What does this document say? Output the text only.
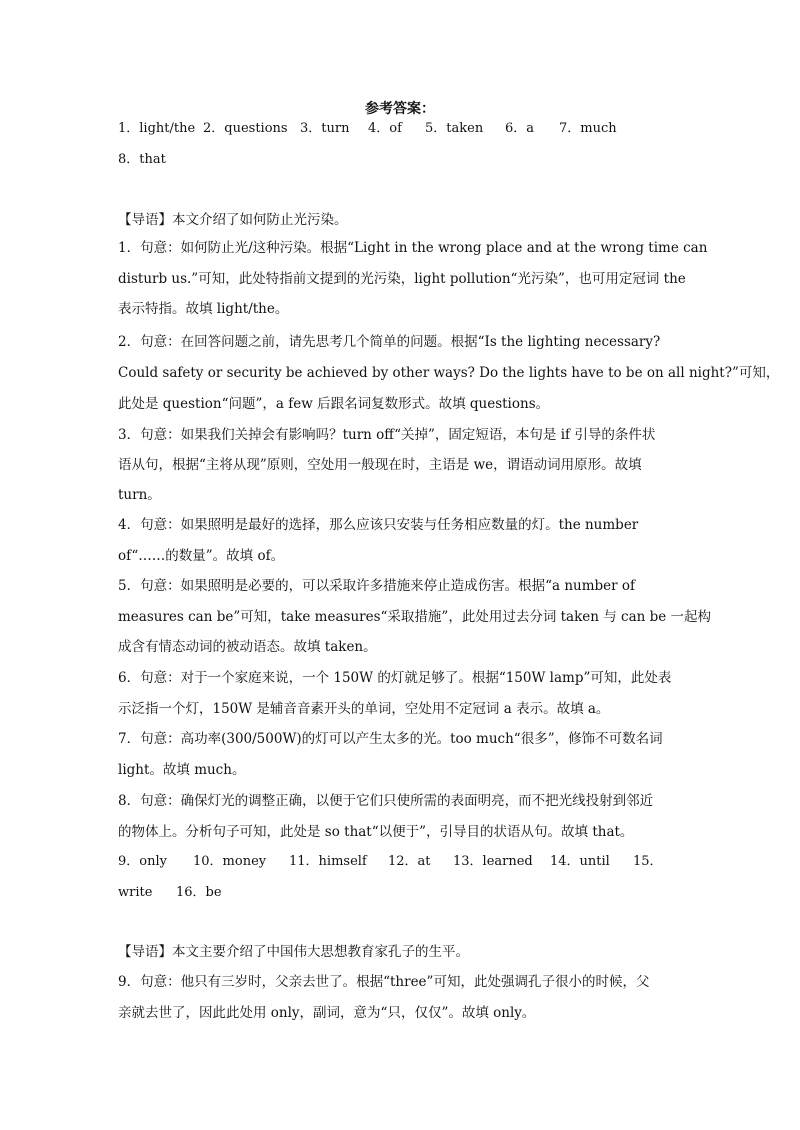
参考答案：
1．light/the 2．questions 3．turn 4．of 5．taken 6．a 7．much
8．that
【导语】本文介绍了如何防止光污染。
1．句意：如何防止光/这种污染。根据“Light in the wrong place and at the wrong time can
disturb us.”可知，此处特指前文提到的光污染，light pollution“光污染”，也可用定冠词 the
表示特指。故填 light/the。
2．句意：在回答问题之前，请先思考几个简单的问题。根据“Is the lighting necessary?
Could safety or security be achieved by other ways? Do the lights have to be on all night?”可知，
此处是 question“问题”，a few 后跟名词复数形式。故填 questions。
3．句意：如果我们关掉会有影响吗？turn off“关掉”，固定短语，本句是 if 引导的条件状
语从句，根据“主将从现”原则，空处用一般现在时，主语是 we，谓语动词用原形。故填
turn。
4．句意：如果照明是最好的选择，那么应该只安装与任务相应数量的灯。the number
of“……的数量”。故填 of。
5．句意：如果照明是必要的，可以采取许多措施来停止造成伤害。根据“a number of
measures can be”可知，take measures“采取措施”，此处用过去分词 taken 与 can be 一起构
成含有情态动词的被动语态。故填 taken。
6．句意：对于一个家庭来说，一个 150W 的灯就足够了。根据“150W lamp”可知，此处表
示泛指一个灯，150W 是辅音音素开头的单词，空处用不定冠词 a 表示。故填 a。
7．句意：高功率(300/500W)的灯可以产生太多的光。too much“很多”，修饰不可数名词
light。故填 much。
8．句意：确保灯光的调整正确，以便于它们只使所需的表面明亮，而不把光线投射到邻近
的物体上。分析句子可知，此处是 so that“以便于”，引导目的状语从句。故填 that。
9．only 10．money 11．himself 12．at 13．learned 14．until 15．
write 16．be
【导语】本文主要介绍了中国伟大思想教育家孔子的生平。
9．句意：他只有三岁时，父亲去世了。根据“three”可知，此处强调孔子很小的时候，父
亲就去世了，因此此处用 only，副词，意为“只，仅仅”。故填 only。
